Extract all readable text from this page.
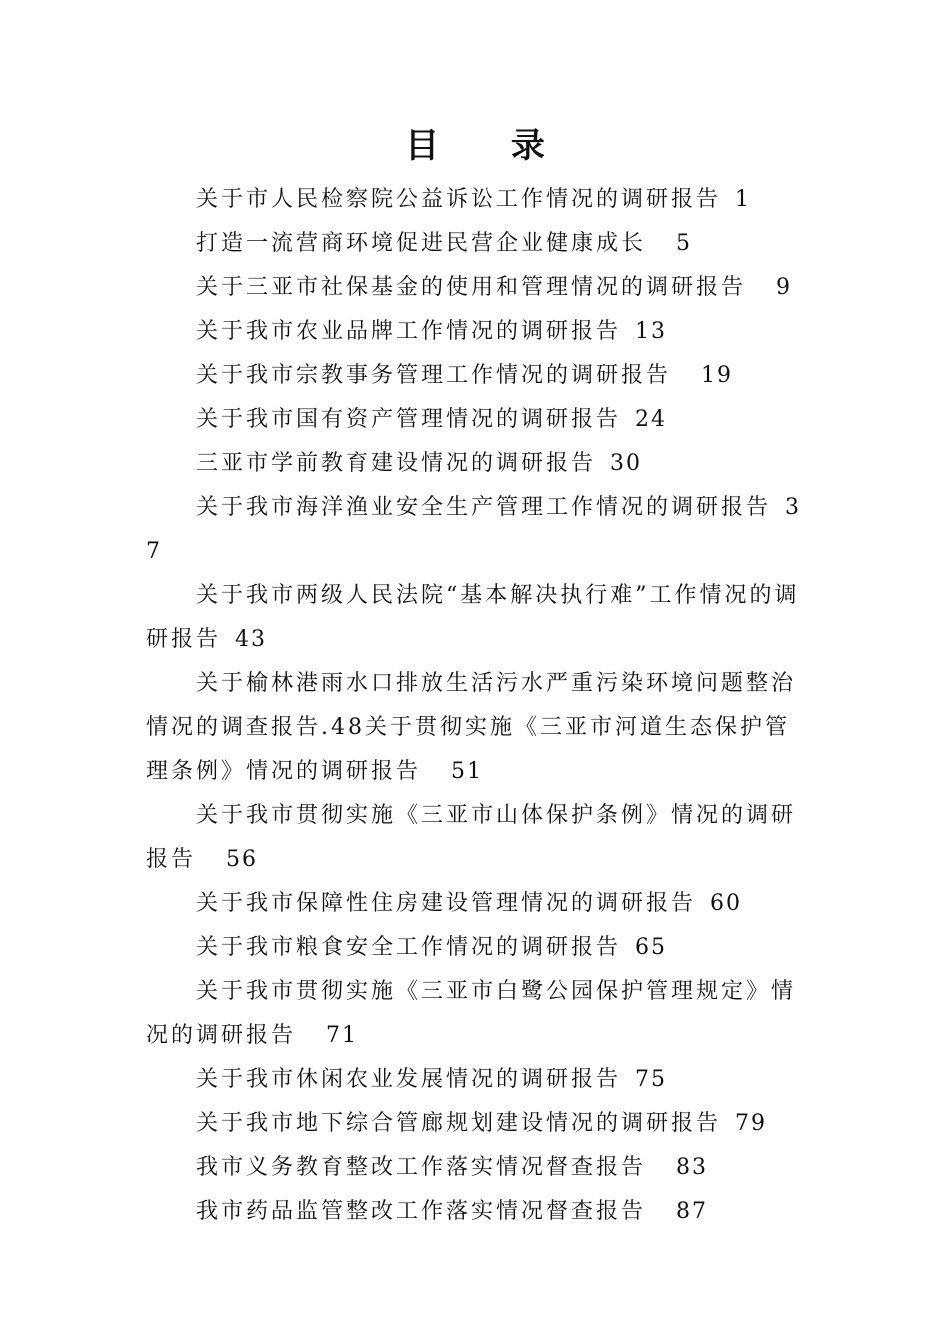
目 录
关于市人民检察院公益诉讼工作情况的调研报告 1
打造一流营商环境促进民营企业健康成长 5
关于三亚市社保基金的使用和管理情况的调研报告 9
关于我市农业品牌工作情况的调研报告 13
关于我市宗教事务管理工作情况的调研报告 19
关于我市国有资产管理情况的调研报告 24
三亚市学前教育建设情况的调研报告 30
关于我市海洋渔业安全生产管理工作情况的调研报告 37
关于我市两级人民法院“基本解决执行难”工作情况的调研报告 43
关于榆林港雨水口排放生活污水严重污染环境问题整治情况的调查报告.48关于贯彻实施《三亚市河道生态保护管理条例》情况的调研报告 51
关于我市贯彻实施《三亚市山体保护条例》情况的调研报告 56
关于我市保障性住房建设管理情况的调研报告 60
关于我市粮食安全工作情况的调研报告 65
关于我市贯彻实施《三亚市白鹭公园保护管理规定》情况的调研报告 71
关于我市休闲农业发展情况的调研报告 75
关于我市地下综合管廊规划建设情况的调研报告 79
我市义务教育整改工作落实情况督查报告 83
我市药品监管整改工作落实情况督查报告 87
